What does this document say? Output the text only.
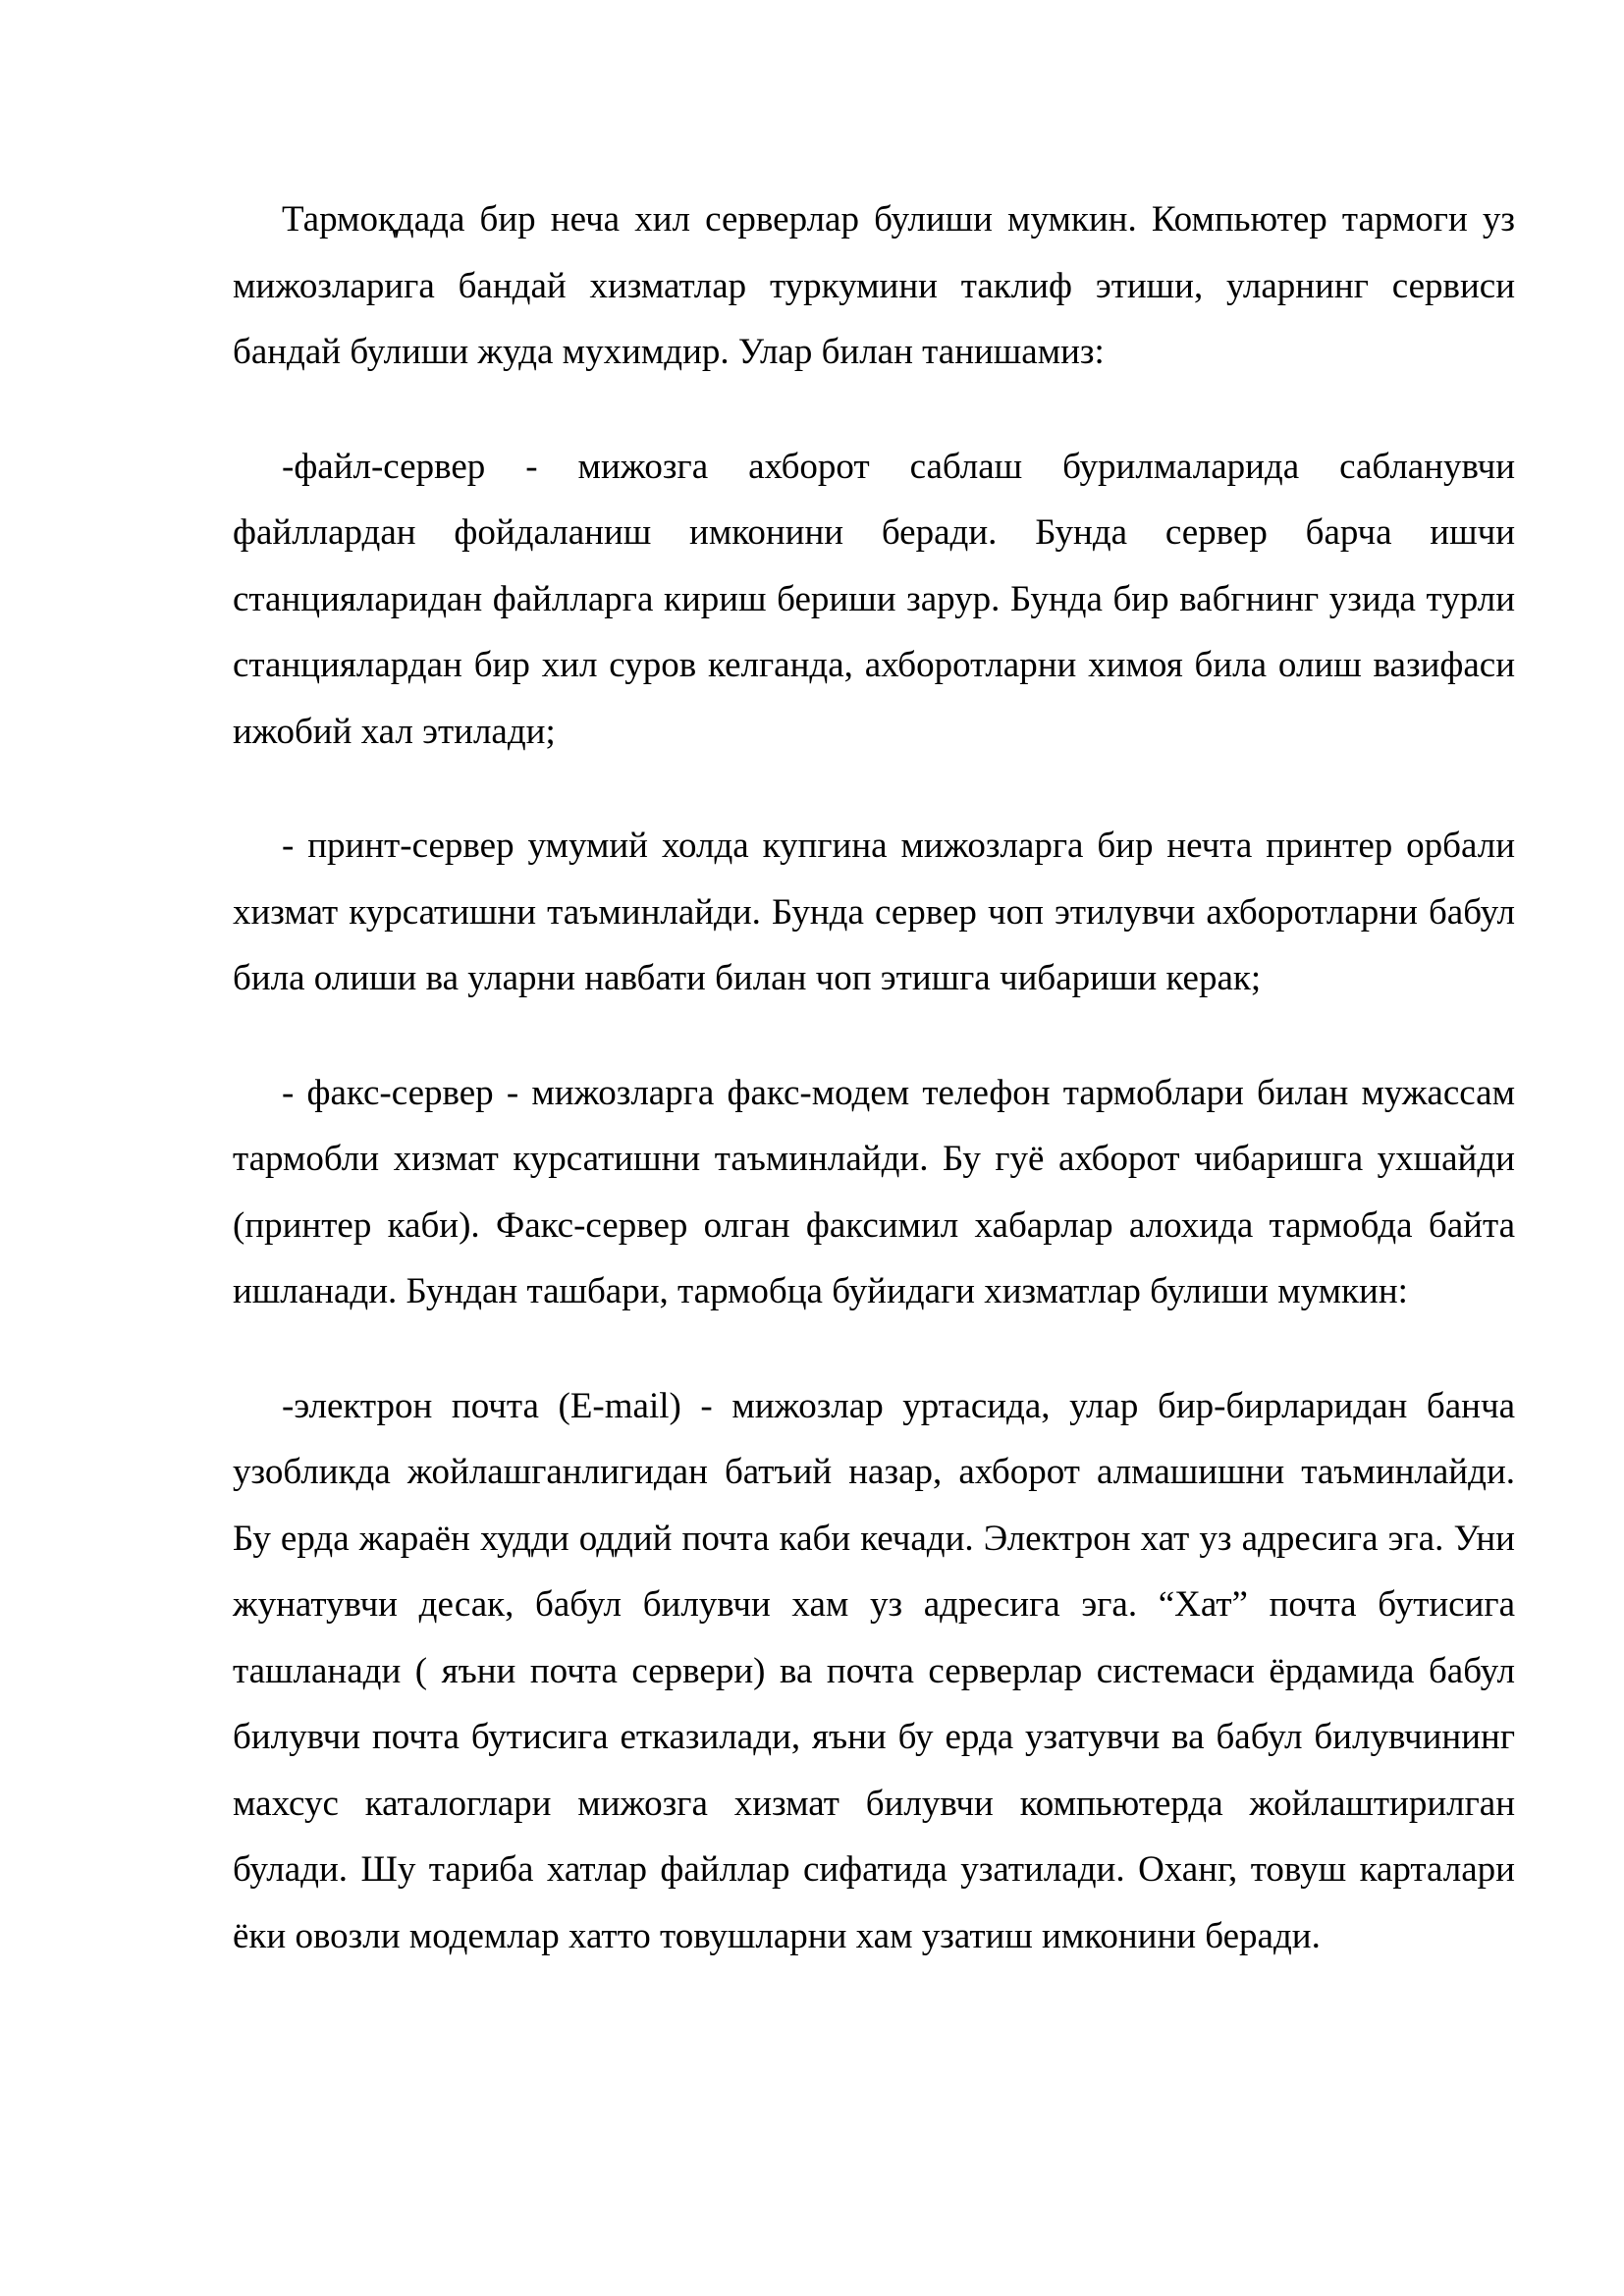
Тармоқдада бир неча хил серверлар булиши мумкин. Компьютер тармоги уз мижозларига бандай хизматлар туркумини таклиф этиши, уларнинг сервиси бандай булиши жуда мухимдир. Улар билан танишамиз:

-файл-сервер - мижозга ахборот саблаш бурилмаларида сабланувчи файллардан фойдаланиш имконини беради. Бунда сервер барча ишчи станцияларидан файлларга кириш бериши зарур. Бунда бир вабгнинг узида турли станциялардан бир хил суров келганда, ахборотларни химоя била олиш вазифаси ижобий хал этилади;

- принт-сервер умумий холда купгина мижозларга бир нечта принтер орбали хизмат курсатишни таъминлайди. Бунда сервер чоп этилувчи ахборотларни бабул била олиши ва уларни навбати билан чоп этишга чибариши керак;

- факс-сервер - мижозларга факс-модем телефон тармоблари билан мужассам тармобли хизмат курсатишни таъминлайди. Бу гуё ахборот чибаришга ухшайди (принтер каби). Факс-сервер олган факсимил хабарлар алохида тармобда байта ишланади. Бундан ташбари, тармобца буйидаги хизматлар булиши мумкин:

-электрон почта (E-mail) - мижозлар уртасида, улар бир-бирларидан банча узобликда жойлашганлигидан батъий назар, ахборот алмашишни таъминлайди. Бу ерда жараён худди оддий почта каби кечади. Электрон хат уз адресига эга. Уни жунатувчи десак, бабул билувчи хам уз адресига эга. “Хат” почта бутисига ташланади ( яъни почта сервери) ва почта серверлар системаси ёрдамида бабул билувчи почта бутисига етказилади, яъни бу ерда узатувчи ва бабул билувчининг махсус каталоглари мижозга хизмат билувчи компьютерда жойлаштирилган булади. Шу тариба хатлар файллар сифатида узатилади. Оханг, товуш карталари ёки овозли модемлар хатто товушларни хам узатиш имконини беради.
